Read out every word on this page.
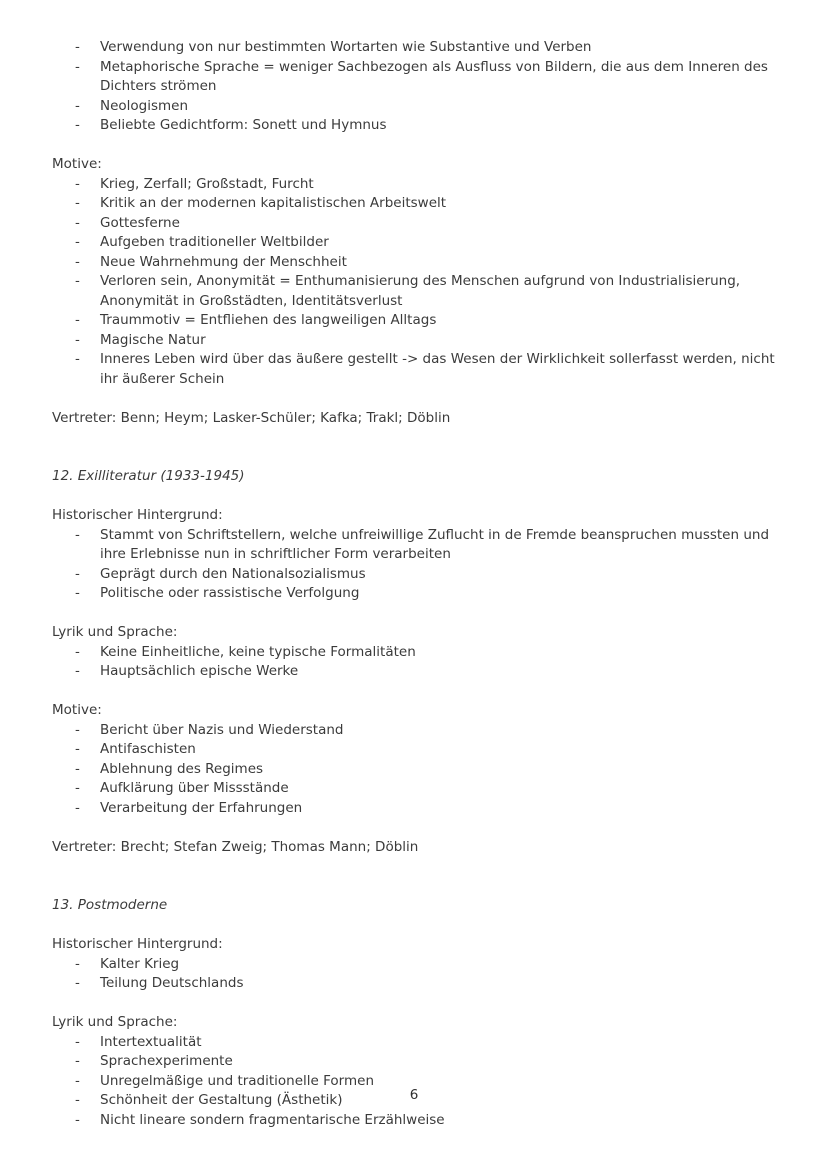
-	Verwendung von nur bestimmten Wortarten wie Substantive und Verben
-	Metaphorische Sprache = weniger Sachbezogen als Ausfluss von Bildern, die aus dem Inneren des Dichters strömen
-	Neologismen
-	Beliebte Gedichtform: Sonett und Hymnus
Motive:
-	Krieg, Zerfall; Großstadt, Furcht
-	Kritik an der modernen kapitalistischen Arbeitswelt
-	Gottesferne
-	Aufgeben traditioneller Weltbilder
-	Neue Wahrnehmung der Menschheit
-	Verloren sein, Anonymität = Enthumanisierung des Menschen aufgrund von Industrialisierung, Anonymität in Großstädten, Identitätsverlust
-	Traummotiv = Entfliehen des langweiligen Alltags
-	Magische Natur
-	Inneres Leben wird über das äußere gestellt -> das Wesen der Wirklichkeit sollerfasst werden, nicht ihr äußerer Schein
Vertreter: Benn; Heym; Lasker-Schüler; Kafka; Trakl; Döblin
12. Exilliteratur (1933-1945)
Historischer Hintergrund:
-	Stammt von Schriftstellern, welche unfreiwillige Zuflucht in de Fremde beanspruchen mussten und ihre Erlebnisse nun in schriftlicher Form verarbeiten
-	Geprägt durch den Nationalsozialismus
-	Politische oder rassistische Verfolgung
Lyrik und Sprache:
-	Keine Einheitliche, keine typische Formalitäten
-	Hauptsächlich epische Werke
Motive:
-	Bericht über Nazis und Wiederstand
-	Antifaschisten
-	Ablehnung des Regimes
-	Aufklärung über Missstände
-	Verarbeitung der Erfahrungen
Vertreter: Brecht; Stefan Zweig; Thomas Mann; Döblin
13. Postmoderne
Historischer Hintergrund:
-	Kalter Krieg
-	Teilung Deutschlands
Lyrik und Sprache:
-	Intertextualität
-	Sprachexperimente
-	Unregelmäßige und traditionelle Formen
-	Schönheit der Gestaltung (Ästhetik)
-	Nicht lineare sondern fragmentarische Erzählweise
6
